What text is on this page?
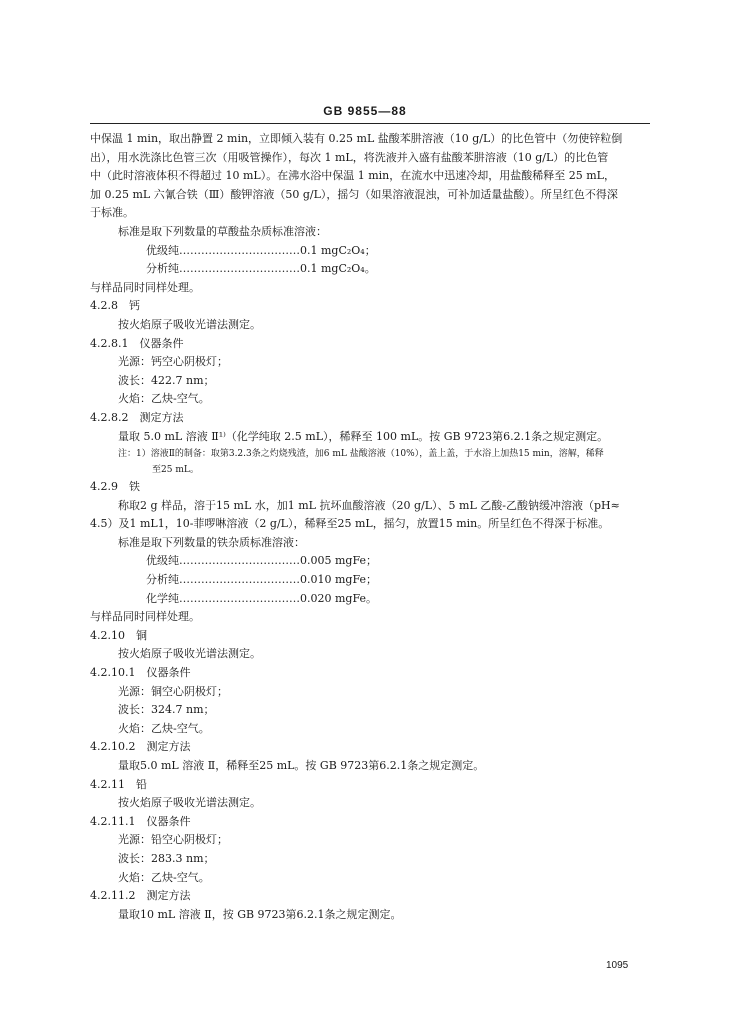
GB 9855—88
中保温 1 min，取出静置 2 min，立即倾入装有 0.25 mL 盐酸苯肼溶液（10 g/L）的比色管中（勿使锌粒倒
出），用水洗涤比色管三次（用吸管操作），每次 1 mL，将洗液并入盛有盐酸苯肼溶液（10 g/L）的比色管
中（此时溶液体积不得超过 10 mL）。在沸水浴中保温 1 min，在流水中迅速冷却，用盐酸稀释至 25 mL，
加 0.25 mL 六氰合铁（Ⅲ）酸钾溶液（50 g/L），摇匀（如果溶液混浊，可补加适量盐酸）。所呈红色不得深
于标准。
标准是取下列数量的草酸盐杂质标准溶液：
优级纯……………………………0.1 mgC₂O₄；
分析纯……………………………0.1 mgC₂O₄。
与样品同时同样处理。
4.2.8　钙
按火焰原子吸收光谱法测定。
4.2.8.1　仪器条件
光源：钙空心阴极灯；
波长：422.7 nm；
火焰：乙炔-空气。
4.2.8.2　测定方法
量取 5.0 mL 溶液 Ⅱ¹⁾（化学纯取 2.5 mL），稀释至 100 mL。按 GB 9723第6.2.1条之规定测定。
注：1）溶液Ⅱ的制备：取第3.2.3条之灼烧残渣，加6 mL 盐酸溶液（10%），盖上盖，于水浴上加热15 min，溶解，稀释
至25 mL。
4.2.9　铁
称取2 g 样品，溶于15 mL 水，加1 mL 抗坏血酸溶液（20 g/L）、5 mL 乙酸-乙酸钠缓冲溶液（pH≈
4.5）及1 mL1，10-菲啰啉溶液（2 g/L），稀释至25 mL，摇匀，放置15 min。所呈红色不得深于标准。
标准是取下列数量的铁杂质标准溶液：
优级纯……………………………0.005 mgFe；
分析纯……………………………0.010 mgFe；
化学纯……………………………0.020 mgFe。
与样品同时同样处理。
4.2.10　铜
按火焰原子吸收光谱法测定。
4.2.10.1　仪器条件
光源：铜空心阴极灯；
波长：324.7 nm；
火焰：乙炔-空气。
4.2.10.2　测定方法
量取5.0 mL 溶液 Ⅱ，稀释至25 mL。按 GB 9723第6.2.1条之规定测定。
4.2.11　铅
按火焰原子吸收光谱法测定。
4.2.11.1　仪器条件
光源：铅空心阴极灯；
波长：283.3 nm；
火焰：乙炔-空气。
4.2.11.2　测定方法
量取10 mL 溶液 Ⅱ，按 GB 9723第6.2.1条之规定测定。
1095
